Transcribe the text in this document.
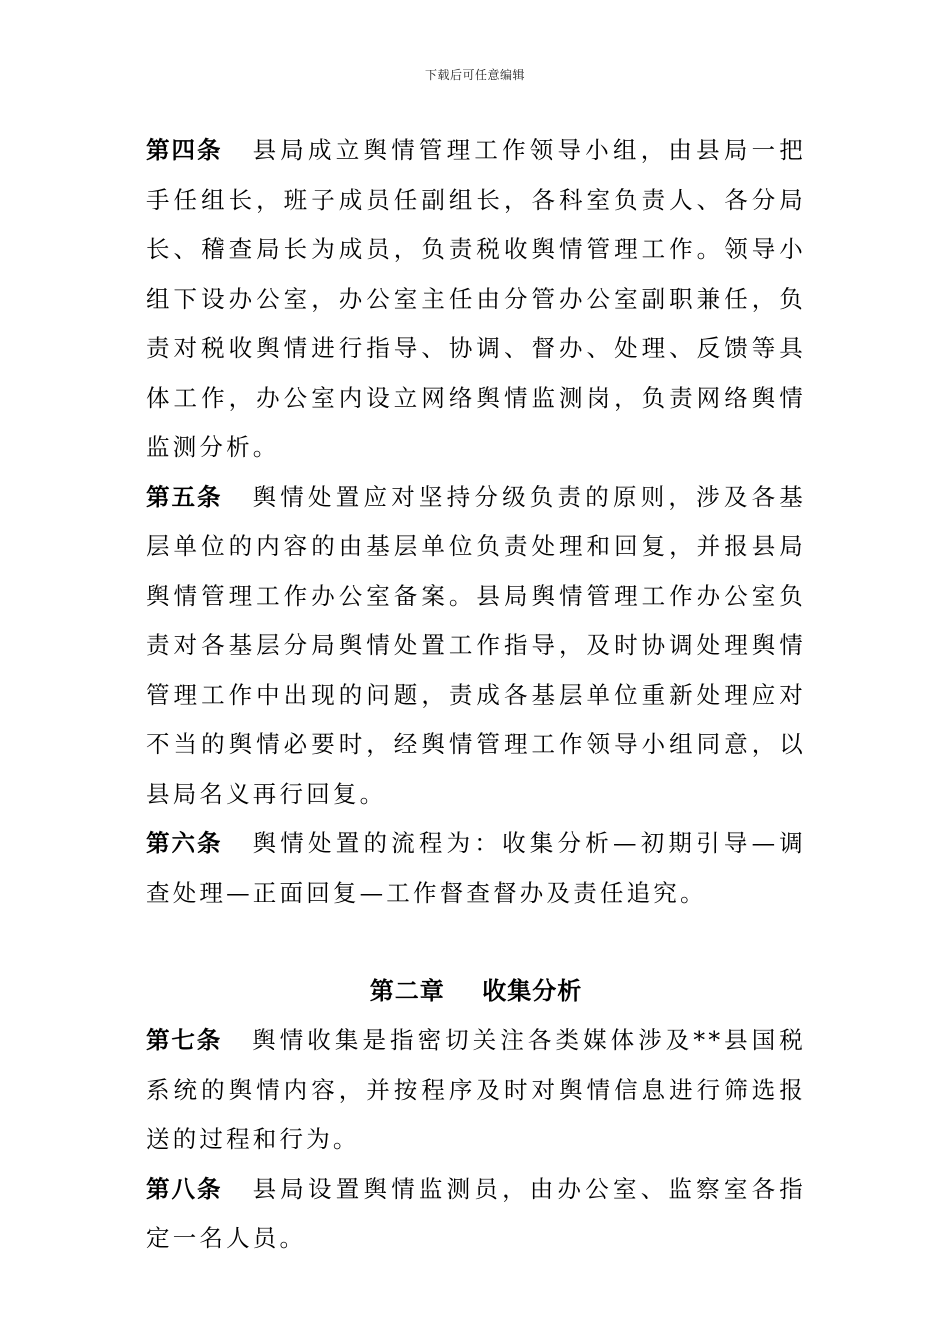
下载后可任意编辑

第四条 县局成立舆情管理工作领导小组，由县局一把手任组长，班子成员任副组长，各科室负责人、各分局长、稽查局长为成员，负责税收舆情管理工作。领导小组下设办公室，办公室主任由分管办公室副职兼任，负责对税收舆情进行指导、协调、督办、处理、反馈等具体工作，办公室内设立网络舆情监测岗，负责网络舆情监测分析。

第五条 舆情处置应对坚持分级负责的原则，涉及各基层单位的内容的由基层单位负责处理和回复，并报县局舆情管理工作办公室备案。县局舆情管理工作办公室负责对各基层分局舆情处置工作指导，及时协调处理舆情管理工作中出现的问题，责成各基层单位重新处理应对不当的舆情必要时，经舆情管理工作领导小组同意，以县局名义再行回复。

第六条 舆情处置的流程为：收集分析—初期引导—调查处理—正面回复—工作督查督办及责任追究。

第二章    收集分析

第七条 舆情收集是指密切关注各类媒体涉及**县国税系统的舆情内容，并按程序及时对舆情信息进行筛选报送的过程和行为。

第八条 县局设置舆情监测员，由办公室、监察室各指定一名人员。
